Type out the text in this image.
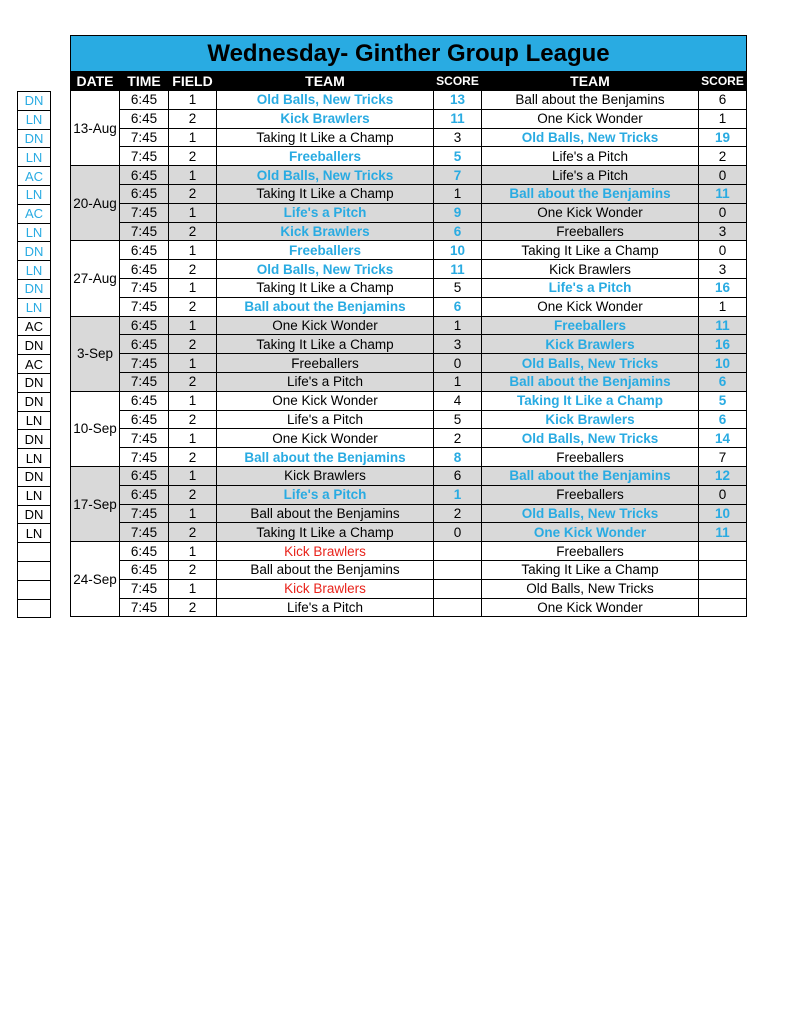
DN
LN
DN
LN
AC
LN
AC
LN
DN
LN
DN
LN
AC
DN
AC
DN
DN
LN
DN
LN
DN
LN
DN
LN

Wednesday- Ginther Group League						
DATE	TIME	FIELD	TEAM	SCORE	TEAM	SCORE
13-Aug	6:45	1	Old Balls, New Tricks	13	Ball about the Benjamins	6
	6:45	2	Kick Brawlers	11	One Kick Wonder	1
	7:45	1	Taking It Like a Champ	3	Old Balls, New Tricks	19
	7:45	2	Freeballers	5	Life's a Pitch	2
20-Aug	6:45	1	Old Balls, New Tricks	7	Life's a Pitch	0
	6:45	2	Taking It Like a Champ	1	Ball about the Benjamins	11
	7:45	1	Life's a Pitch	9	One Kick Wonder	0
	7:45	2	Kick Brawlers	6	Freeballers	3
27-Aug	6:45	1	Freeballers	10	Taking It Like a Champ	0
	6:45	2	Old Balls, New Tricks	11	Kick Brawlers	3
	7:45	1	Taking It Like a Champ	5	Life's a Pitch	16
	7:45	2	Ball about the Benjamins	6	One Kick Wonder	1
3-Sep	6:45	1	One Kick Wonder	1	Freeballers	11
	6:45	2	Taking It Like a Champ	3	Kick Brawlers	16
	7:45	1	Freeballers	0	Old Balls, New Tricks	10
	7:45	2	Life's a Pitch	1	Ball about the Benjamins	6
10-Sep	6:45	1	One Kick Wonder	4	Taking It Like a Champ	5
	6:45	2	Life's a Pitch	5	Kick Brawlers	6
	7:45	1	One Kick Wonder	2	Old Balls, New Tricks	14
	7:45	2	Ball about the Benjamins	8	Freeballers	7
17-Sep	6:45	1	Kick Brawlers	6	Ball about the Benjamins	12
	6:45	2	Life's a Pitch	1	Freeballers	0
	7:45	1	Ball about the Benjamins	2	Old Balls, New Tricks	10
	7:45	2	Taking It Like a Champ	0	One Kick Wonder	11
24-Sep	6:45	1	Kick Brawlers		Freeballers	
	6:45	2	Ball about the Benjamins		Taking It Like a Champ	
	7:45	1	Kick Brawlers		Old Balls, New Tricks	
	7:45	2	Life's a Pitch		One Kick Wonder	
